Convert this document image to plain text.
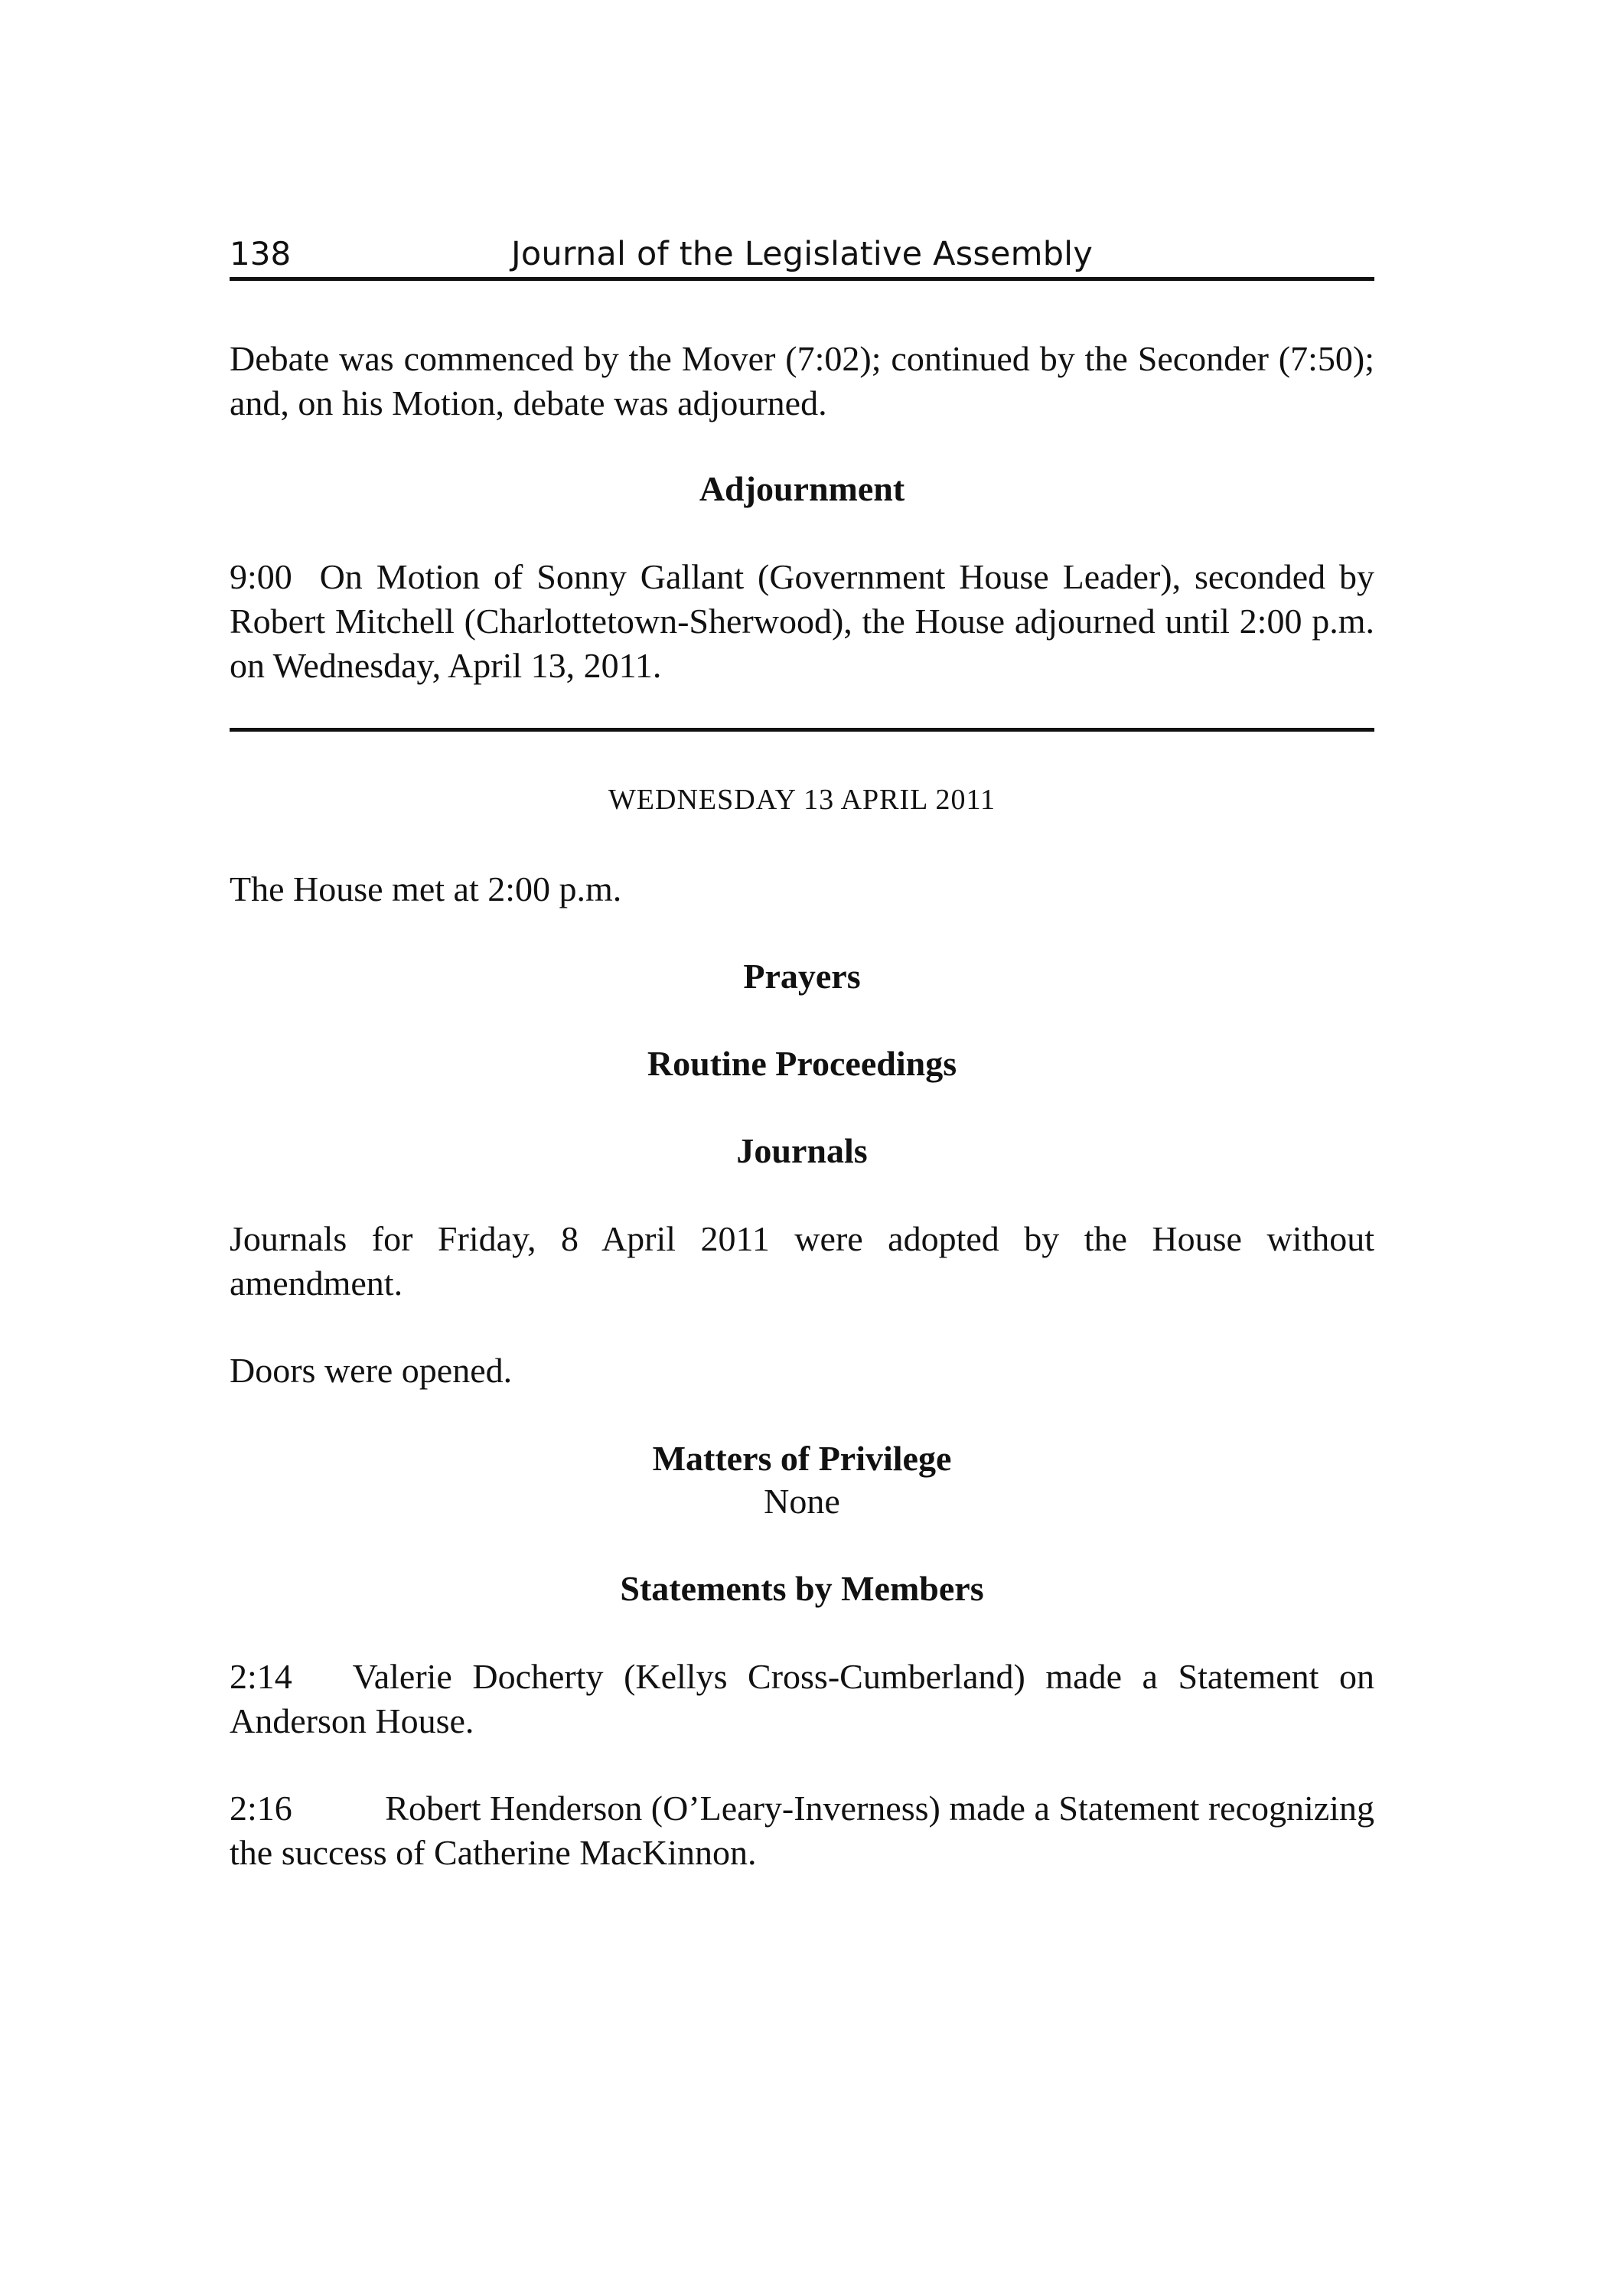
138	Journal of the Legislative Assembly

Debate was commenced by the Mover (7:02); continued by the Seconder (7:50); and, on his Motion, debate was adjourned.

Adjournment

9:00 On Motion of Sonny Gallant (Government House Leader), seconded by Robert Mitchell (Charlottetown-Sherwood), the House adjourned until 2:00 p.m. on Wednesday, April 13, 2011.

WEDNESDAY 13 APRIL 2011

The House met at 2:00 p.m.

Prayers
Routine Proceedings
Journals

Journals for Friday, 8 April 2011 were adopted by the House without amendment.

Doors were opened.

Matters of Privilege

None

Statements by Members

2:14 Valerie Docherty (Kellys Cross-Cumberland) made a Statement on Anderson House.

2:16	Robert Henderson (O’Leary-Inverness) made a Statement recognizing the success of Catherine MacKinnon.
